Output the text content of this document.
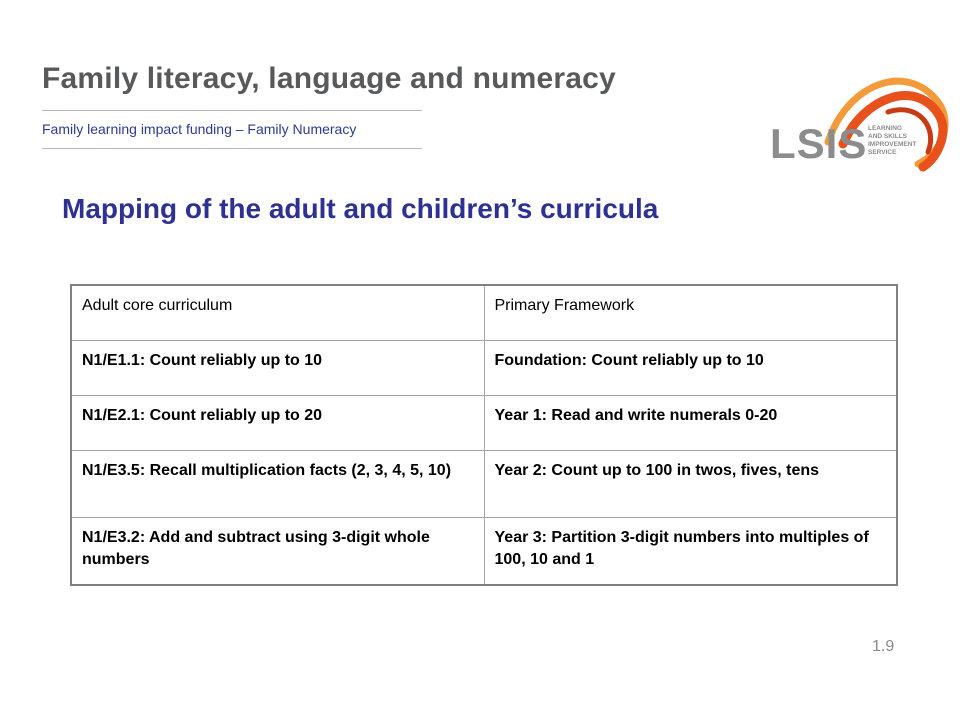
Family literacy, language and numeracy
Family learning impact funding – Family Numeracy	LSIS LEARNING
AND SKILLS
IMPROVEMENT
SERVICE
Mapping of the adult and children’s curricula
Adult core curriculum	Primary Framework
N1/E1.1: Count reliably up to 10	Foundation: Count reliably up to 10
N1/E2.1: Count reliably up to 20	Year 1: Read and write numerals 0-20
N1/E3.5: Recall multiplication facts (2, 3, 4, 5, 10)	Year 2: Count up to 100 in twos, fives, tens
N1/E3.2: Add and subtract using 3-digit whole numbers	Year 3: Partition 3-digit numbers into multiples of 100, 10 and 1
1.9
